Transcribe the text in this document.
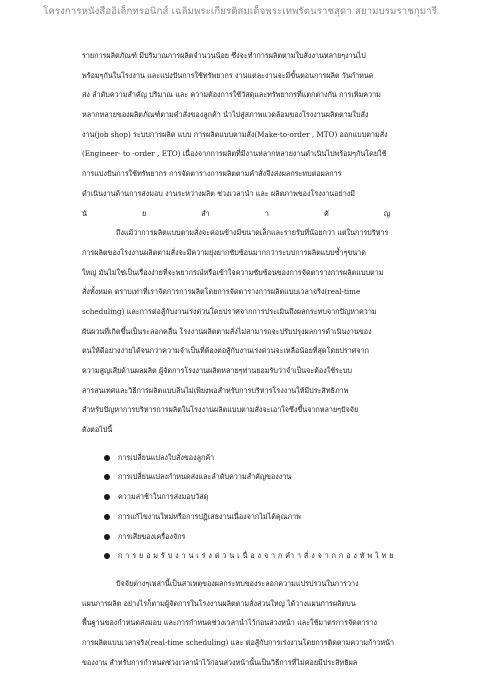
โครงการหนังสืออิเล็กทรอนิกส์ เฉลิมพระเกียรติสมเด็จพระเทพรัตนราชสุดา สยามบรมราชกุมารี
รายการผลิตภัณฑ์ มีปริมาณการผลิตจำนวนน้อย ซึ่งจะทำการผลิตตามใบสั่งงานหลายๆงานไป
พร้อมๆกันในโรงงาน และแบ่งปันการใช้ทรัพยากร งานแต่ละงานจะมีขั้นตอนการผลิต วันกำหนด
ส่ง ลำดับความสำคัญ ปริมาณ และ ความต้องการใช้วัสดุและทรัพยากรที่แตกต่างกัน การเพิ่มความ
หลากหลายของผลิตภัณฑ์ตามคำสั่งของลูกค้า นำไปสู่สภาพแวดล้อมของโรงงานผลิตตามใบสั่ง
งาน(job shop) ระบบการผลิต แบบ การผลิตแบบตามสั่ง(Make-to-order , MTO) ออกแบบตามสั่ง
(Engineer- to -order , ETO) เนื่องจากการผลิตที่มีงานหลากหลายงานดำเนินไปพร้อมๆกันโดยใช้
การแบ่งปันการใช้ทรัพยากร การจัดตารางการผลิตตามคำสั่งจึงส่งผลกระทบต่อผลการ
ดำเนินงานด้านการส่งมอบ งานระหว่างผลิต ช่วงเวลานำ และ ผลิตภาพของโรงงานอย่างมี
นั	ย	สำ	า	คั	ญ
ถึงแม้ว่าการผลิตแบบตามสั่งจะค่อนข้างมีขนาดเล็กและรายรับที่น้อยกว่า แต่ในการบริหาร
การผลิตของโรงงานผลิตตามสั่งจะมีความยุ่งยากซับซ้อนมากกว่าระบบการผลิตแบบซ้ำๆขนาด
ใหญ่ มันไม่ใช่เป็นเรื่องง่ายที่จะพยากรณ์หรือเข้าใจความซับซ้อนของการจัดตารางการผลิตแบบตาม
สั่งทั้งหมด ตราบเท่าที่เราจัดการการผลิตโดยการจัดตารางการผลิตแบบเวลาจริง(real-time
scheduling) และการต่อสู้กับงานเร่งด่วนโดยปราศจากการประเมินถึงผลกระทบจากปัญหาความ
ผันผวนที่เกิดขึ้นเป็นระลอกคลื่น โรงงานผลิตตามสั่งไม่สามารถจะปรับปรุงผลการดำเนินงานของ
ตนให้ดีอย่างง่ายได้จนกว่าความจำเป็นที่ต้องต่อสู้กับงานเร่งด่วนจะเหลือน้อยที่สุดโดยปราศจาก
ความสูญเสียด้านผลผลิต ผู้จัดการโรงงานผลิตหลายๆท่านยอมรับว่าจำเป็นจะต้องใช้ระบบ
สารสนเทศและวิธีการผลิตแบบลีนไม่เพียงพอสำหรับการบริหารโรงงานให้มีประสิทธิภาพ
สำหรับปัญหาการบริหารการผลิตในโรงงานผลิตแบบตามสั่งจะเอาใจซึ่งขึ้นจากหลายๆปัจจัย
ดังต่อไปนี้
การเปลี่ยนแปลงใบสั่งของลูกค้า
การเปลี่ยนแปลงกำหนดส่งและลำดับความสำคัญของงาน
ความล่าช้าในการส่งมอบวัสดุ
การแก้ไขงานใหม่หรือการปฏิเสธงานเนื่องจากไม่ได้คุณภาพ
การเสียของเครื่องจักร
ก า ร ย อ ม รั บ ง า น เ ร่ ง ด่ ว น เ นื่ อ ง จ า ก คำ า สั่ ง จ า ก ก อ ง ทั พ ไ ท ย
ปัจจัยต่างๆเหล่านี้เป็นสาเหตุของผลกระทบของระลอกความแปรปรวนในการวาง
แผนการผลิต อย่างไรก็ตามผู้จัดการในโรงงานผลิตตามสั่งส่วนใหญ่ ได้วางแผนการผลิตบน
พื้นฐานของกำหนดส่งมอบ และการกำหนดช่วงเวลานำไว้ก่อนล่วงหน้า และใช้มาตรการจัดตาราง
การผลิตแบบเวลาจริง(real-time scheduling) และ ต่อสู้กับการเร่งงานโดยการติดตามความก้าวหน้า
ของงาน สำหรับการกำหนดช่วงเวลานำไว้ก่อนล่วงหน้านั้นเป็นวิธีการที่ไม่ค่อยมีประสิทธิผล
